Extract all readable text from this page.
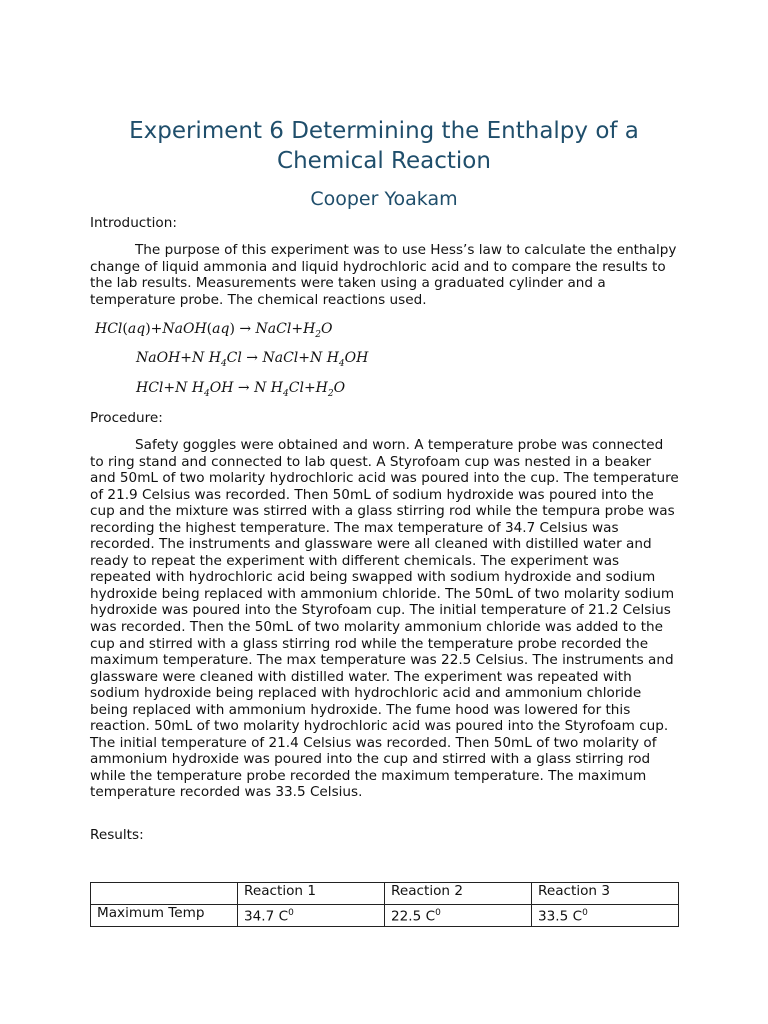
Experiment 6 Determining the Enthalpy of a Chemical Reaction
Cooper Yoakam

Introduction:

The purpose of this experiment was to use Hess’s law to calculate the enthalpy change of liquid ammonia and liquid hydrochloric acid and to compare the results to the lab results. Measurements were taken using a graduated cylinder and a temperature probe. The chemical reactions used.

HCl(aq)+NaOH(aq) → $NaCl+H_2O$
NaOH+N $H_4Cl$ → NaCl+N $H_4OH$
HCl+N $H_4OH \to N$ $H_4Cl+H_2O$

Procedure:

Safety goggles were obtained and worn. A temperature probe was connected to ring stand and connected to lab quest. A Styrofoam cup was nested in a beaker and 50mL of two molarity hydrochloric acid was poured into the cup. The temperature of 21.9 Celsius was recorded. Then 50mL of sodium hydroxide was poured into the cup and the mixture was stirred with a glass stirring rod while the tempura probe was recording the highest temperature. The max temperature of 34.7 Celsius was recorded. The instruments and glassware were all cleaned with distilled water and ready to repeat the experiment with different chemicals. The experiment was repeated with hydrochloric acid being swapped with sodium hydroxide and sodium hydroxide being replaced with ammonium chloride. The 50mL of two molarity sodium hydroxide was poured into the Styrofoam cup. The initial temperature of 21.2 Celsius was recorded. Then the 50mL of two molarity ammonium chloride was added to the cup and stirred with a glass stirring rod while the temperature probe recorded the maximum temperature. The max temperature was 22.5 Celsius. The instruments and glassware were cleaned with distilled water. The experiment was repeated with sodium hydroxide being replaced with hydrochloric acid and ammonium chloride being replaced with ammonium hydroxide. The fume hood was lowered for this reaction. 50mL of two molarity hydrochloric acid was poured into the Styrofoam cup. The initial temperature of 21.4 Celsius was recorded. Then 50mL of two molarity of ammonium hydroxide was poured into the cup and stirred with a glass stirring rod while the temperature probe recorded the maximum temperature. The maximum temperature recorded was 33.5 Celsius.

Results:

	Reaction 1	Reaction 2	Reaction 3
Maximum Temp	34.7 $C^0$	22.5 $C^0$	33.5 $C^0$
